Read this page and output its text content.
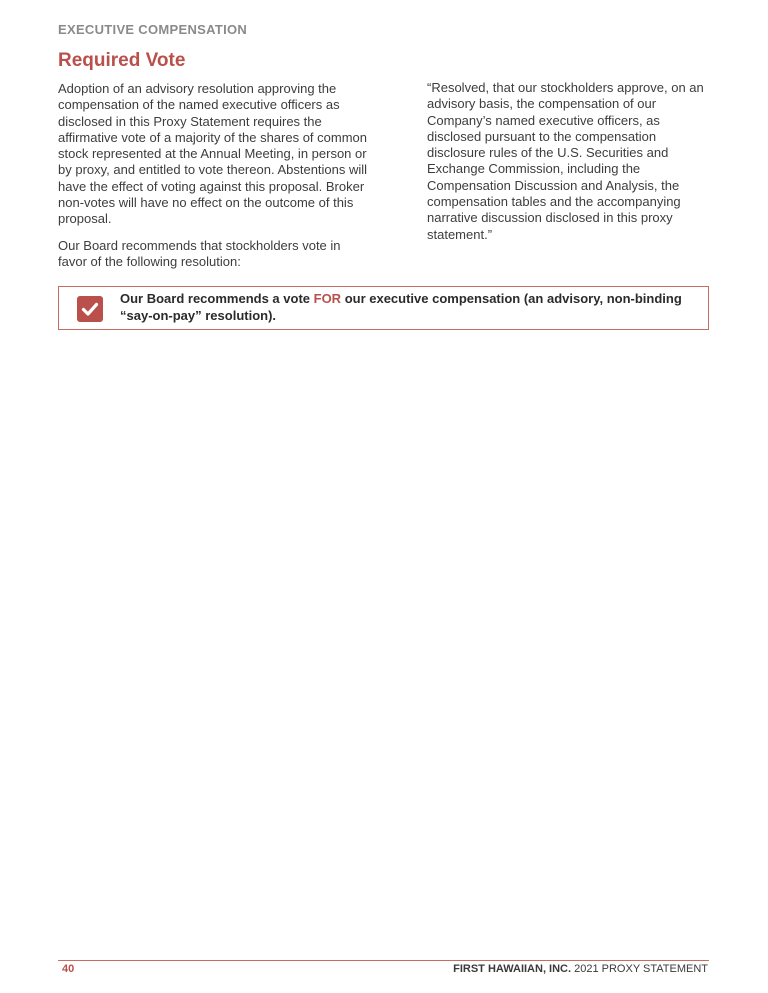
EXECUTIVE COMPENSATION
Required Vote

Adoption of an advisory resolution approving the compensation of the named executive officers as disclosed in this Proxy Statement requires the affirmative vote of a majority of the shares of common stock represented at the Annual Meeting, in person or by proxy, and entitled to vote thereon. Abstentions will have the effect of voting against this proposal. Broker non-votes will have no effect on the outcome of this proposal.

Our Board recommends that stockholders vote in favor of the following resolution:

“Resolved, that our stockholders approve, on an advisory basis, the compensation of our Company’s named executive officers, as disclosed pursuant to the compensation disclosure rules of the U.S. Securities and Exchange Commission, including the Compensation Discussion and Analysis, the compensation tables and the accompanying narrative discussion disclosed in this proxy statement.”

Our Board recommends a vote FOR our executive compensation (an advisory, non-binding “say-on-pay” resolution).
40	FIRST HAWAIIAN, INC. 2021 PROXY STATEMENT
